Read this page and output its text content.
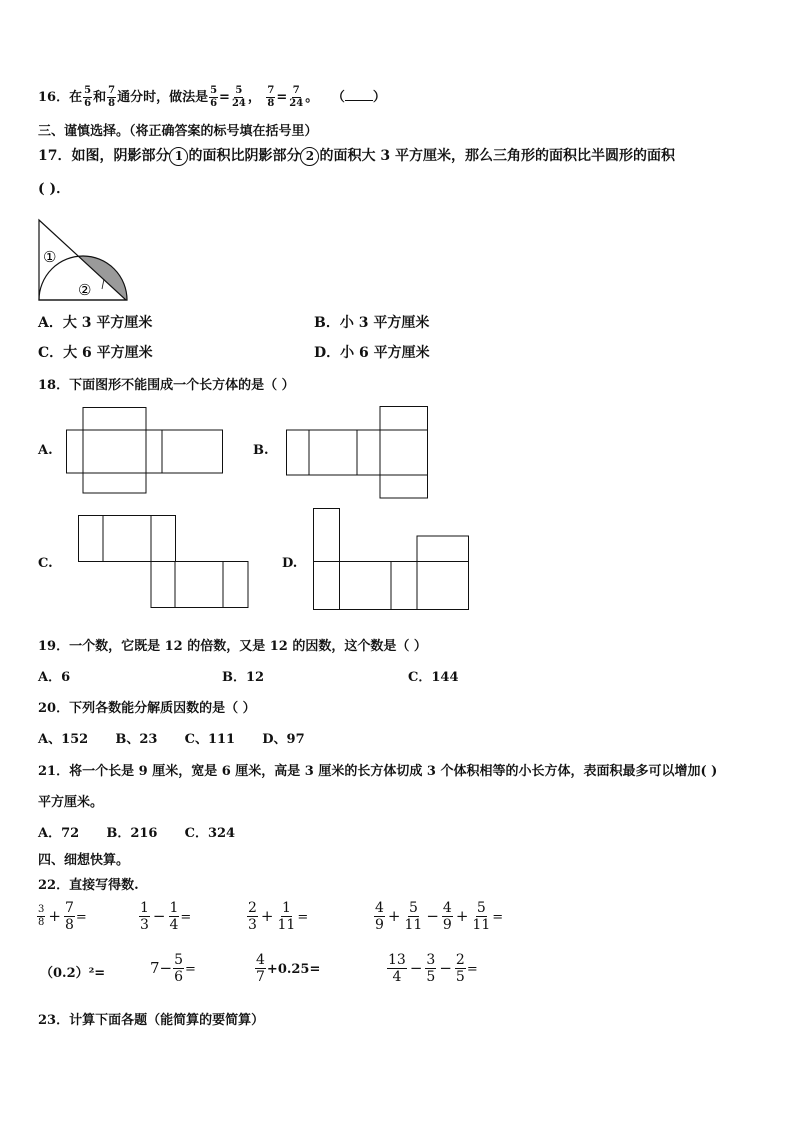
16．在 $\frac{5}{6}$ 和 $\frac{7}{8}$ 通分时，做法是 $\frac{5}{6} = \frac{5}{24}$ ， $\frac{7}{8} = \frac{7}{24}$ 。 （ ）
三、谨慎选择。（将正确答案的标号填在括号里）
17．如图，阴影部分 1 的面积比阴影部分 2 的面积大 3 平方厘米，那么三角形的面积比半圆形的面积
( )．
①
②
A．大 3 平方厘米	B．小 3 平方厘米
C．大 6 平方厘米	D．小 6 平方厘米
18．下面图形不能围成一个长方体的是（ ）
A.	B.
C.	D.
19．一个数，它既是 12 的倍数，又是 12 的因数，这个数是（ ）
A．6	B．12	C．144
20．下列各数能分解质因数的是（ ）
A、152      B、23      C、111      D、97
21．将一个长是 9 厘米，宽是 6 厘米，高是 3 厘米的长方体切成 3 个体积相等的小长方体，表面积最多可以增加( )
平方厘米。
A．72      B．216      C．324
四、细想快算。
22．直接写得数.
$\frac{3}{8} + \frac{7}{8}$ =	$\frac{1}{3} - \frac{1}{4}$ =	$\frac{2}{3} + \frac{1}{11}$ =	$\frac{4}{9} + \frac{5}{11} - \frac{4}{9} + \frac{5}{11}$ =
（0.2）²=	$7- \frac{5}{6}$ =	$\frac{4}{7} +0.25=$	$\frac{13}{4} - \frac{3}{5} - \frac{2}{5}$ =
23．计算下面各题（能简算的要简算）
